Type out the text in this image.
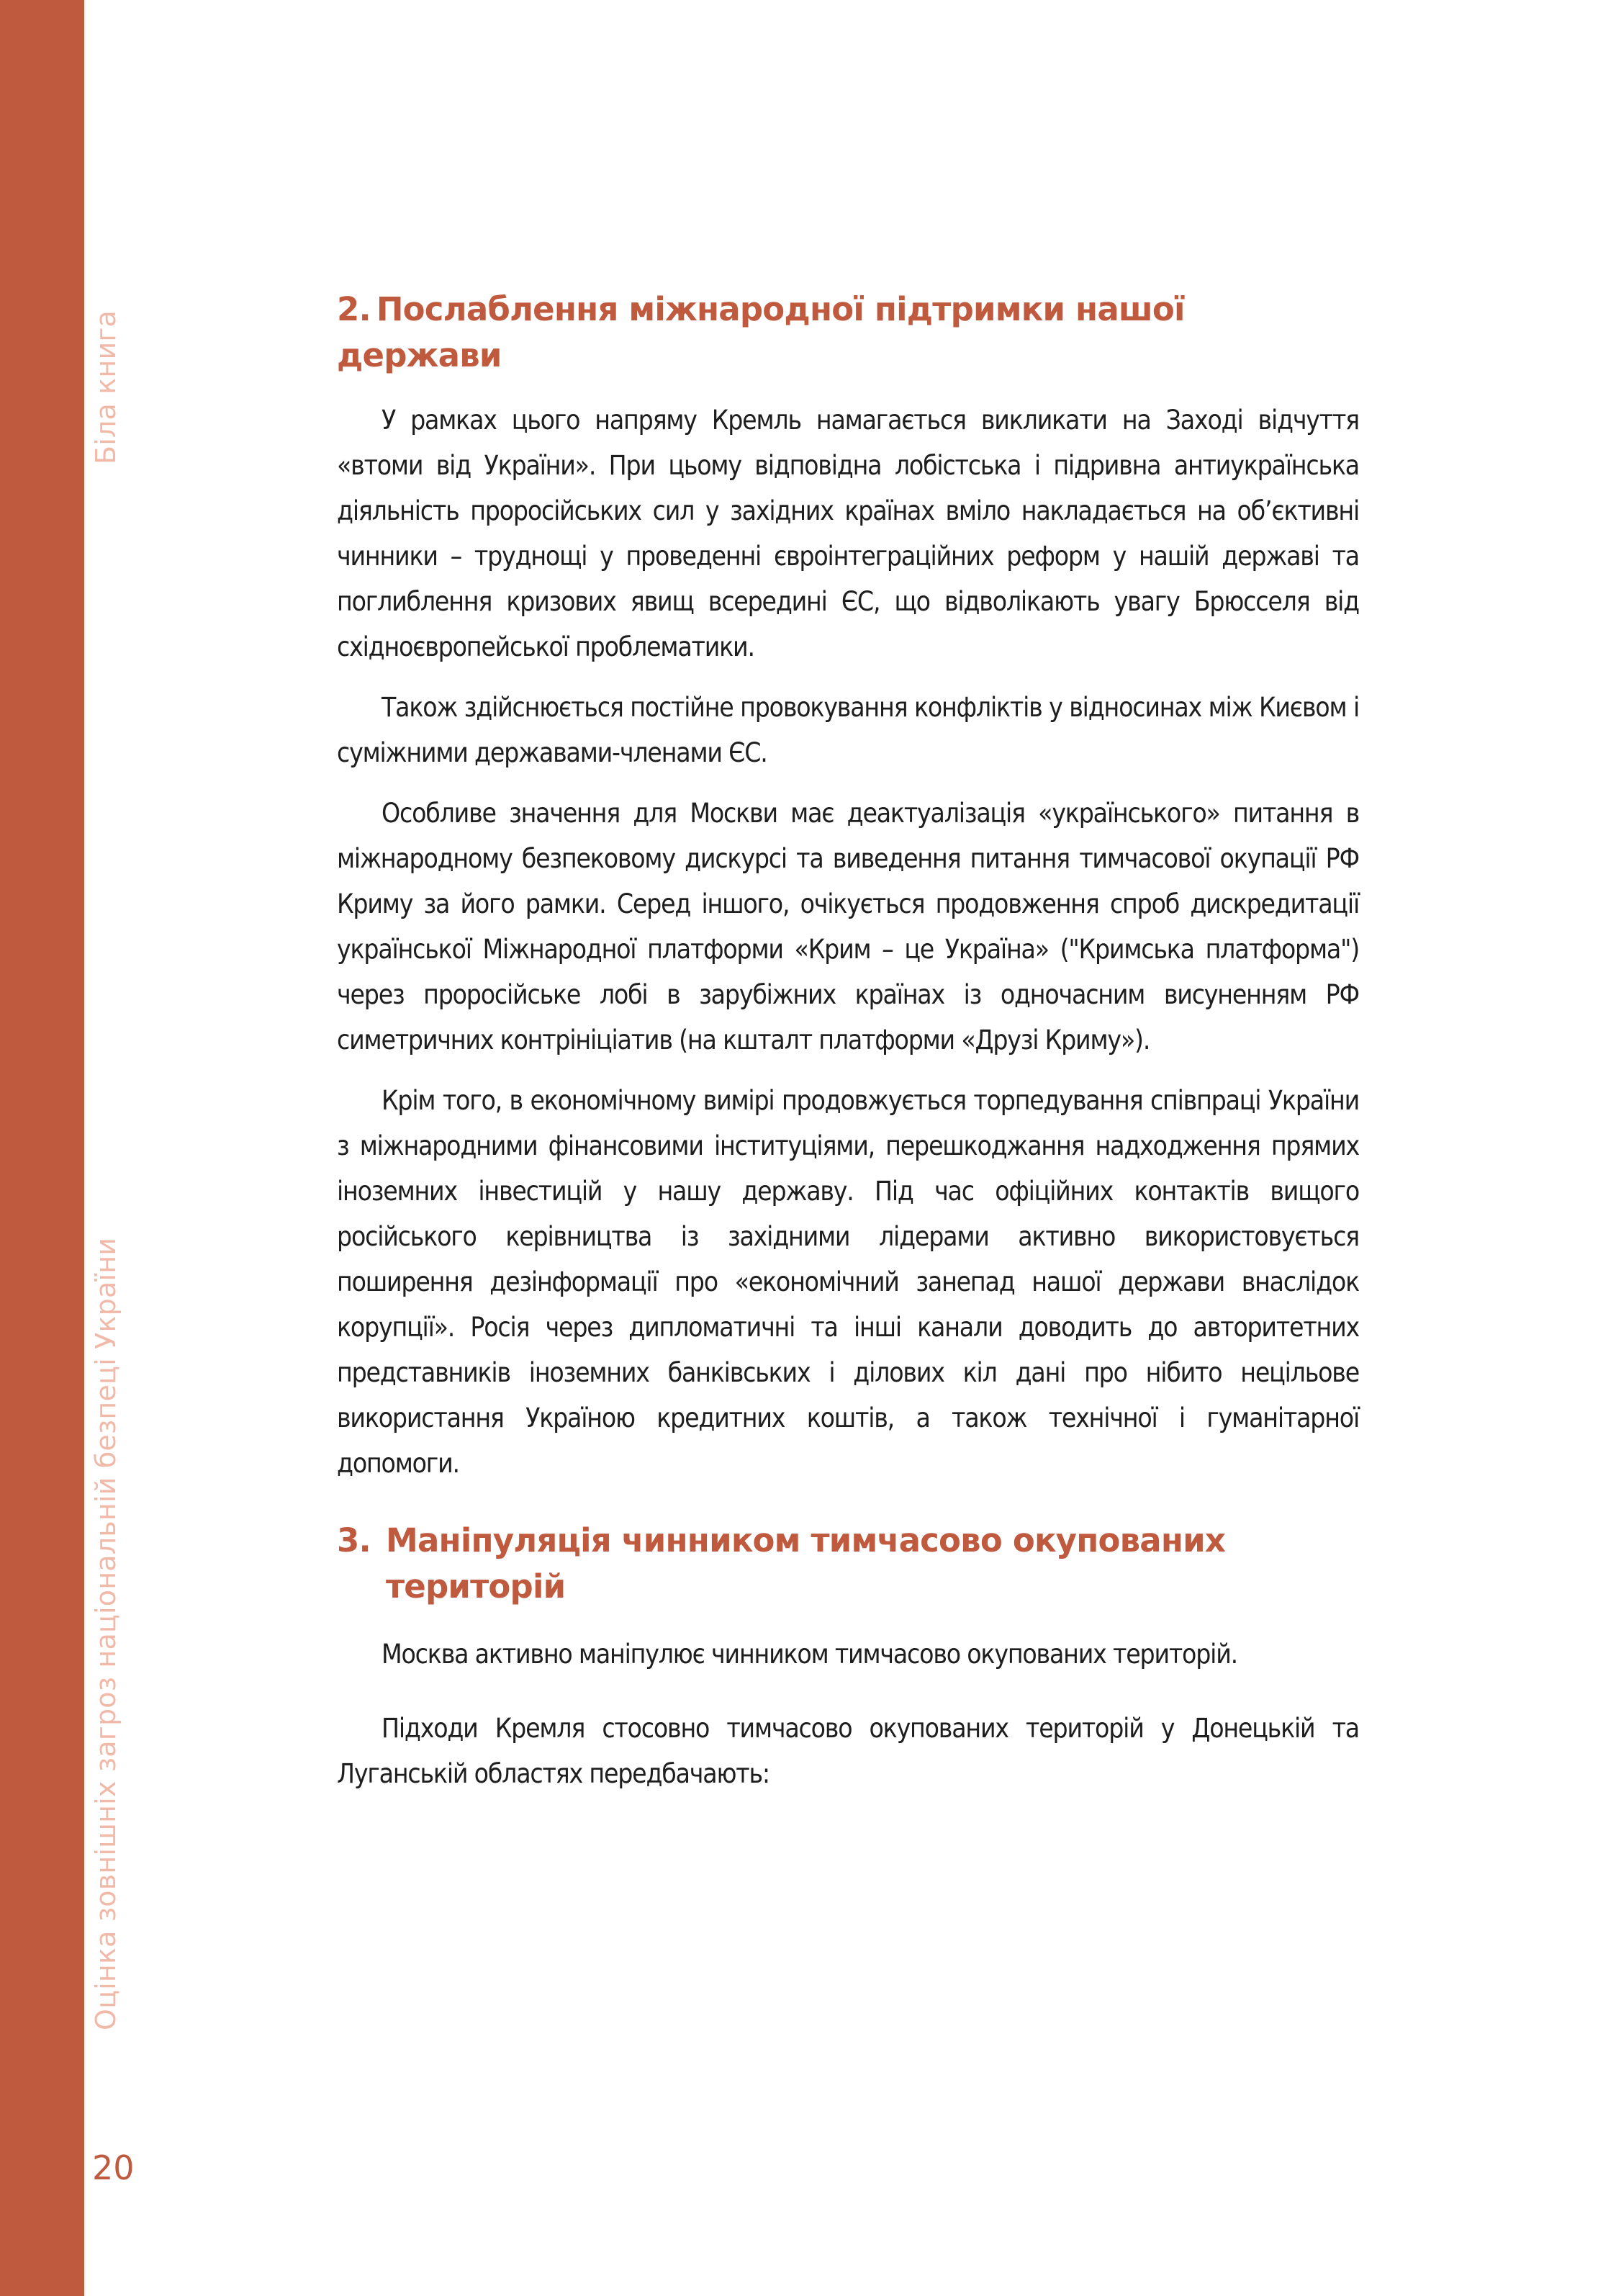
Біла книга
Оцінка зовнішніх загроз національній безпеці України

20

2. Послаблення міжнародної підтримки нашої держави

У рамках цього напряму Кремль намагається викликати на Заході відчуття «втоми від України». При цьому відповідна лобістська і підривна антиукраїнська діяльність проросійських сил у західних країнах вміло накладається на об’єктивні чинники – труднощі у проведенні євроінтеграційних реформ у нашій державі та поглиблення кризових явищ всередині ЄС, що відволікають увагу Брюсселя від східноєвропейської проблематики.

Також здійснюється постійне провокування конфліктів у відносинах між Києвом і суміжними державами-членами ЄС.

Особливе значення для Москви має деактуалізація «українського» питання в міжнародному безпековому дискурсі та виведення питання тимчасової окупації РФ Криму за його рамки. Серед іншого, очікується продовження спроб дискредитації української Міжнародної платформи «Крим – це Україна» ("Кримська платформа") через проросійське лобі в зарубіжних країнах із одночасним висуненням РФ симетричних контрініціатив (на кшталт платформи «Друзі Криму»).

Крім того, в економічному вимірі продовжується торпедування співпраці України з міжнародними фінансовими інституціями, перешкоджання надходження прямих іноземних інвестицій у нашу державу. Під час офіційних контактів вищого російського керівництва із західними лідерами активно використовується поширення дезінформації про «економічний занепад нашої держави внаслідок корупції». Росія через дипломатичні та інші канали доводить до авторитетних представників іноземних банківських і ділових кіл дані про нібито нецільове використання Україною кредитних коштів, а також технічної і гуманітарної допомоги.

3. Маніпуляція чинником тимчасово окупованих територій

Москва активно маніпулює чинником тимчасово окупованих територій.

Підходи Кремля стосовно тимчасово окупованих територій у Донецькій та Луганській областях передбачають:
